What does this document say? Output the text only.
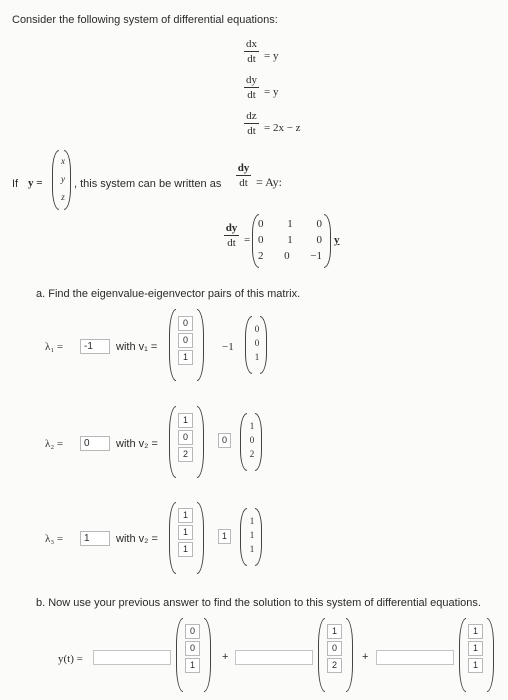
Consider the following system of differential equations:
dx
dt = y
dy
dt = y
dz
dt = 2x − z
If y =
x
y
z
, this system can be written as
dy
dt = Ay:
dy
dt =
0 1 0
0 1 0
2 0 −1
y
a. Find the eigenvalue-eigenvector pairs of this matrix.
λ₁ =	-1	with v₁ =
0
0
1
−1
0
0
1
λ₂ =	0	with v₂ =
1
0
2
0
1
0
2
λ₃ =	1	with v₂ =
1
1
1
1
1
1
1
b. Now use your previous answer to find the solution to this system of differential equations.
y(t) =
0
0
1
+
1
0
2
+
1
1
1
